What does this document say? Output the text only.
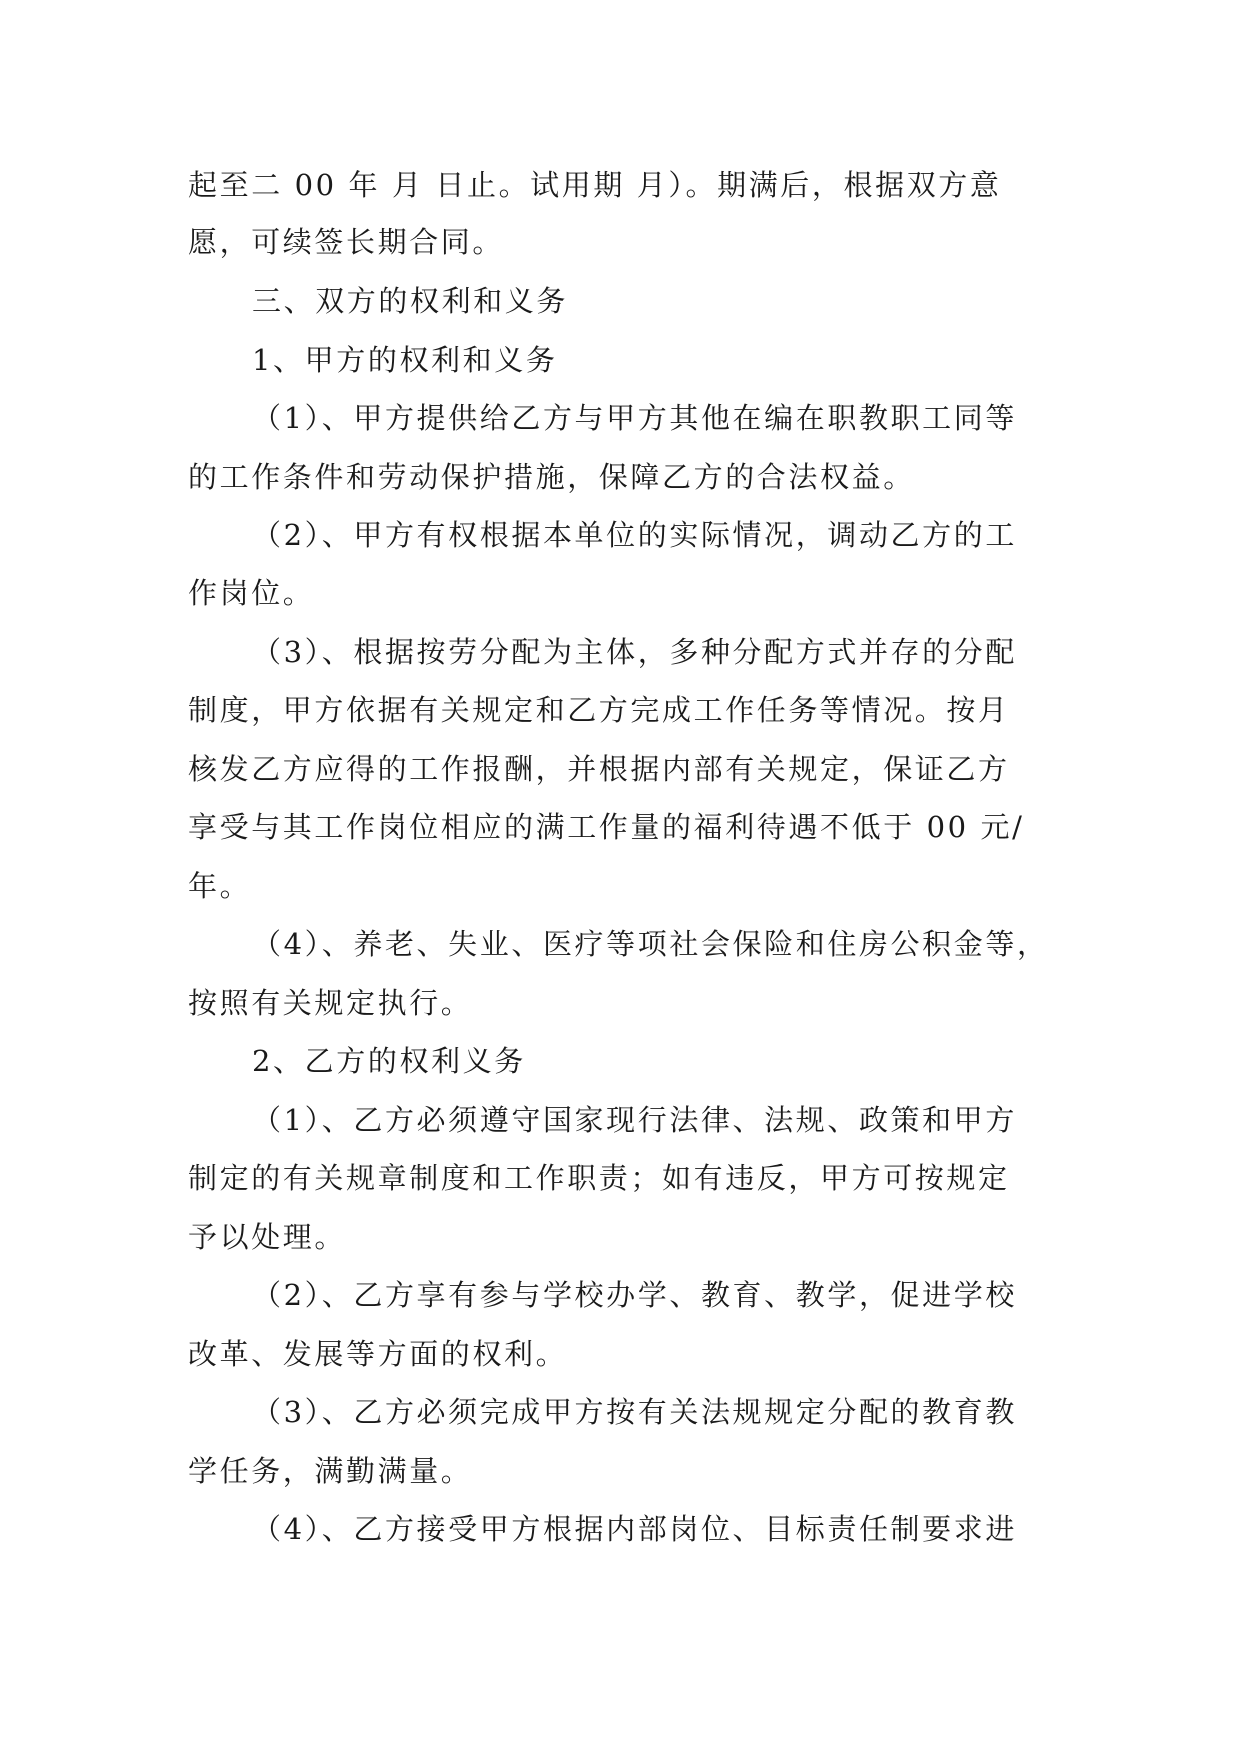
起至二 00 年 月 日止。试用期 月）。期满后，根据双方意
愿，可续签长期合同。
三、双方的权利和义务
1、甲方的权利和义务
（1）、甲方提供给乙方与甲方其他在编在职教职工同等
的工作条件和劳动保护措施，保障乙方的合法权益。
（2）、甲方有权根据本单位的实际情况，调动乙方的工
作岗位。
（3）、根据按劳分配为主体，多种分配方式并存的分配
制度，甲方依据有关规定和乙方完成工作任务等情况。按月
核发乙方应得的工作报酬，并根据内部有关规定，保证乙方
享受与其工作岗位相应的满工作量的福利待遇不低于 00 元/
年。
（4）、养老、失业、医疗等项社会保险和住房公积金等，
按照有关规定执行。
2、乙方的权利义务
（1）、乙方必须遵守国家现行法律、法规、政策和甲方
制定的有关规章制度和工作职责；如有违反，甲方可按规定
予以处理。
（2）、乙方享有参与学校办学、教育、教学，促进学校
改革、发展等方面的权利。
（3）、乙方必须完成甲方按有关法规规定分配的教育教
学任务，满勤满量。
（4）、乙方接受甲方根据内部岗位、目标责任制要求进
